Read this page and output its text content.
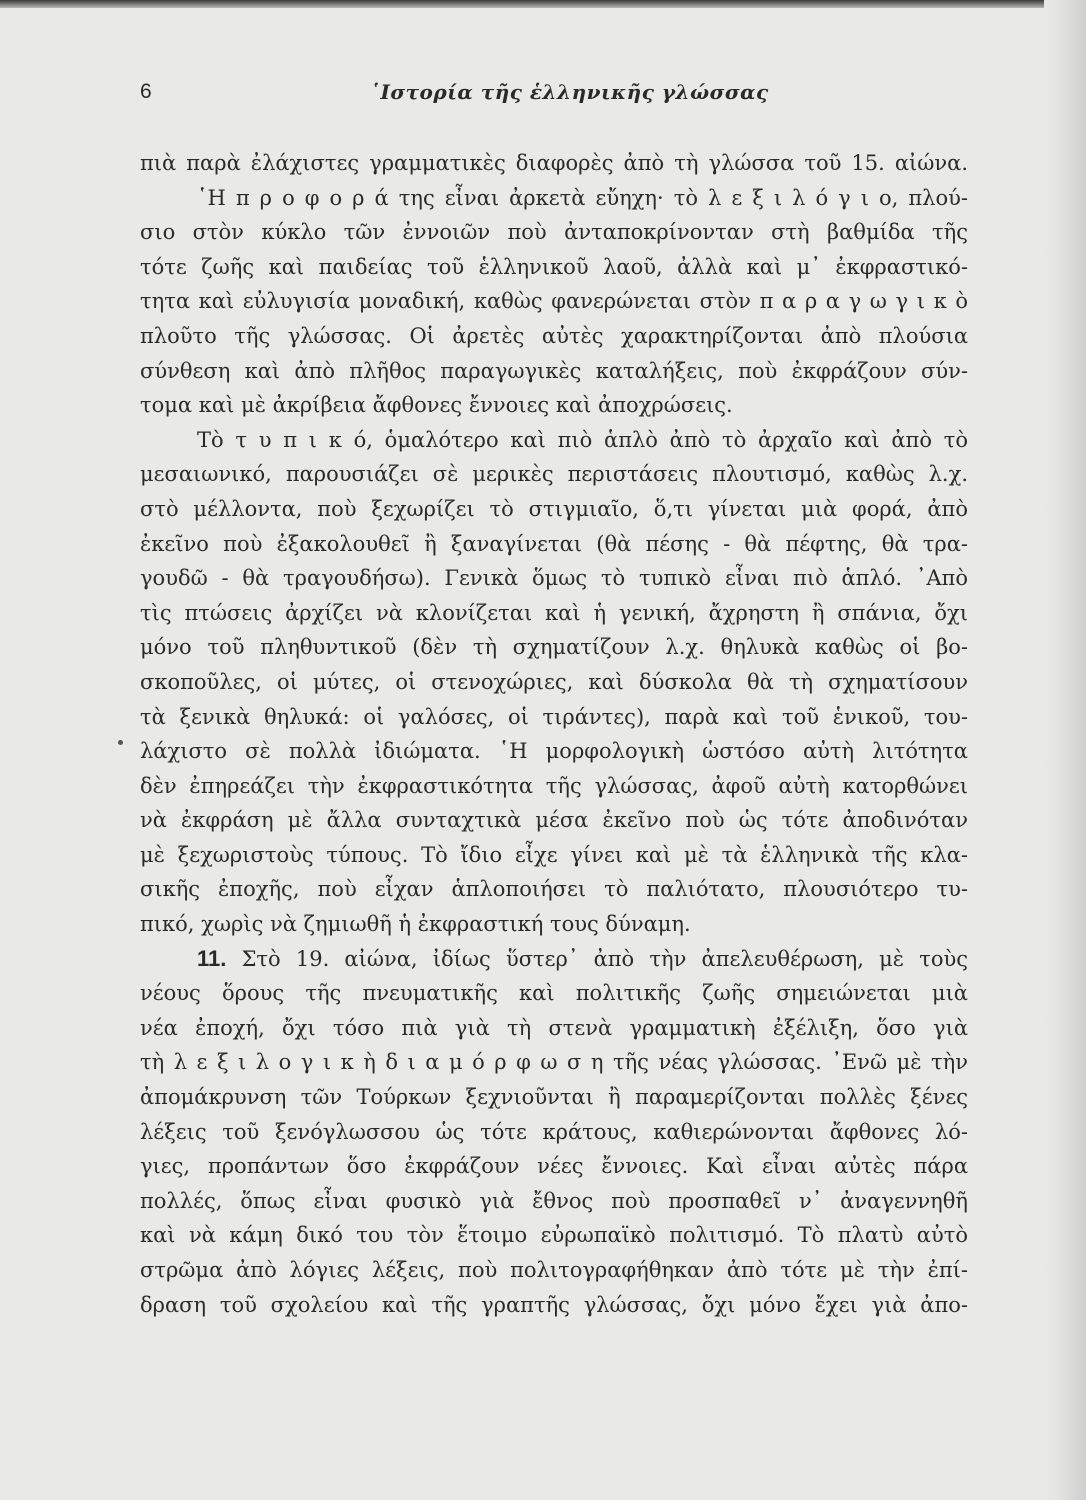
6	῾Ιστορία τῆς ἑλληνικῆς γλώσσας
πιὰ παρὰ ἐλάχιστες γραμματικὲς διαφορὲς ἀπὸ τὴ γλώσσα τοῦ 15. αἰώνα.
῾Η π ρ ο φ ο ρ ά της εἶναι ἀρκετὰ εὔηχη· τὸ λ ε ξ ι λ ό γ ι ο, πλού-
σιο στὸν κύκλο τῶν ἐννοιῶν ποὺ ἀνταποκρίνονταν στὴ βαθμίδα τῆς
τότε ζωῆς καὶ παιδείας τοῦ ἑλληνικοῦ λαοῦ, ἀλλὰ καὶ μ᾿ ἐκφραστικό-
τητα καὶ εὐλυγισία μοναδική, καθὼς φανερώνεται στὸν π α ρ α γ ω γ ι κ ὸ
πλοῦτο τῆς γλώσσας. Οἱ ἀρετὲς αὐτὲς χαρακτηρίζονται ἀπὸ πλούσια
σύνθεση καὶ ἀπὸ πλῆθος παραγωγικὲς καταλήξεις, ποὺ ἐκφράζουν σύν-
τομα καὶ μὲ ἀκρίβεια ἄφθονες ἔννοιες καὶ ἀποχρώσεις.
Τὸ τ υ π ι κ ό, ὁμαλότερο καὶ πιὸ ἁπλὸ ἀπὸ τὸ ἀρχαῖο καὶ ἀπὸ τὸ
μεσαιωνικό, παρουσιάζει σὲ μερικὲς περιστάσεις πλουτισμό, καθὼς λ.χ.
στὸ μέλλοντα, ποὺ ξεχωρίζει τὸ στιγμιαῖο, ὅ,τι γίνεται μιὰ φορά, ἀπὸ
ἐκεῖνο ποὺ ἐξακολουθεῖ ἢ ξαναγίνεται (θὰ πέσης - θὰ πέφτης, θὰ τρα-
γουδῶ - θὰ τραγουδήσω). Γενικὰ ὅμως τὸ τυπικὸ εἶναι πιὸ ἁπλό. ᾿Απὸ
τὶς πτώσεις ἀρχίζει νὰ κλονίζεται καὶ ἡ γενική, ἄχρηστη ἢ σπάνια, ὄχι
μόνο τοῦ πληθυντικοῦ (δὲν τὴ σχηματίζουν λ.χ. θηλυκὰ καθὼς οἱ βο-
σκοποῦλες, οἱ μύτες, οἱ στενοχώριες, καὶ δύσκολα θὰ τὴ σχηματίσουν
τὰ ξενικὰ θηλυκά: οἱ γαλόσες, οἱ τιράντες), παρὰ καὶ τοῦ ἑνικοῦ, του-
λάχιστο σὲ πολλὰ ἰδιώματα. ῾Η μορφολογικὴ ὡστόσο αὐτὴ λιτότητα
δὲν ἐπηρεάζει τὴν ἐκφραστικότητα τῆς γλώσσας, ἀφοῦ αὐτὴ κατορθώνει
νὰ ἐκφράση μὲ ἄλλα συνταχτικὰ μέσα ἐκεῖνο ποὺ ὡς τότε ἀποδινόταν
μὲ ξεχωριστοὺς τύπους. Τὸ ἴδιο εἶχε γίνει καὶ μὲ τὰ ἑλληνικὰ τῆς κλα-
σικῆς ἐποχῆς, ποὺ εἶχαν ἁπλοποιήσει τὸ παλιότατο, πλουσιότερο τυ-
πικό, χωρὶς νὰ ζημιωθῆ ἡ ἐκφραστική τους δύναμη.
11. Στὸ 19. αἰώνα, ἰδίως ὕστερ᾿ ἀπὸ τὴν ἀπελευθέρωση, μὲ τοὺς
νέους ὅρους τῆς πνευματικῆς καὶ πολιτικῆς ζωῆς σημειώνεται μιὰ
νέα ἐποχή, ὄχι τόσο πιὰ γιὰ τὴ στενὰ γραμματικὴ ἐξέλιξη, ὅσο γιὰ
τὴ λ ε ξ ι λ ο γ ι κ ὴ δ ι α μ ό ρ φ ω σ η τῆς νέας γλώσσας. ᾿Ενῶ μὲ τὴν
ἀπομάκρυνση τῶν Τούρκων ξεχνιοῦνται ἢ παραμερίζονται πολλὲς ξένες
λέξεις τοῦ ξενόγλωσσου ὡς τότε κράτους, καθιερώνονται ἄφθονες λό-
γιες, προπάντων ὅσο ἐκφράζουν νέες ἔννοιες. Καὶ εἶναι αὐτὲς πάρα
πολλές, ὅπως εἶναι φυσικὸ γιὰ ἔθνος ποὺ προσπαθεῖ ν᾿ ἀναγεννηθῆ
καὶ νὰ κάμη δικό του τὸν ἕτοιμο εὐρωπαϊκὸ πολιτισμό. Τὸ πλατὺ αὐτὸ
στρῶμα ἀπὸ λόγιες λέξεις, ποὺ πολιτογραφήθηκαν ἀπὸ τότε μὲ τὴν ἐπί-
δραση τοῦ σχολείου καὶ τῆς γραπτῆς γλώσσας, ὄχι μόνο ἔχει γιὰ ἀπο-
